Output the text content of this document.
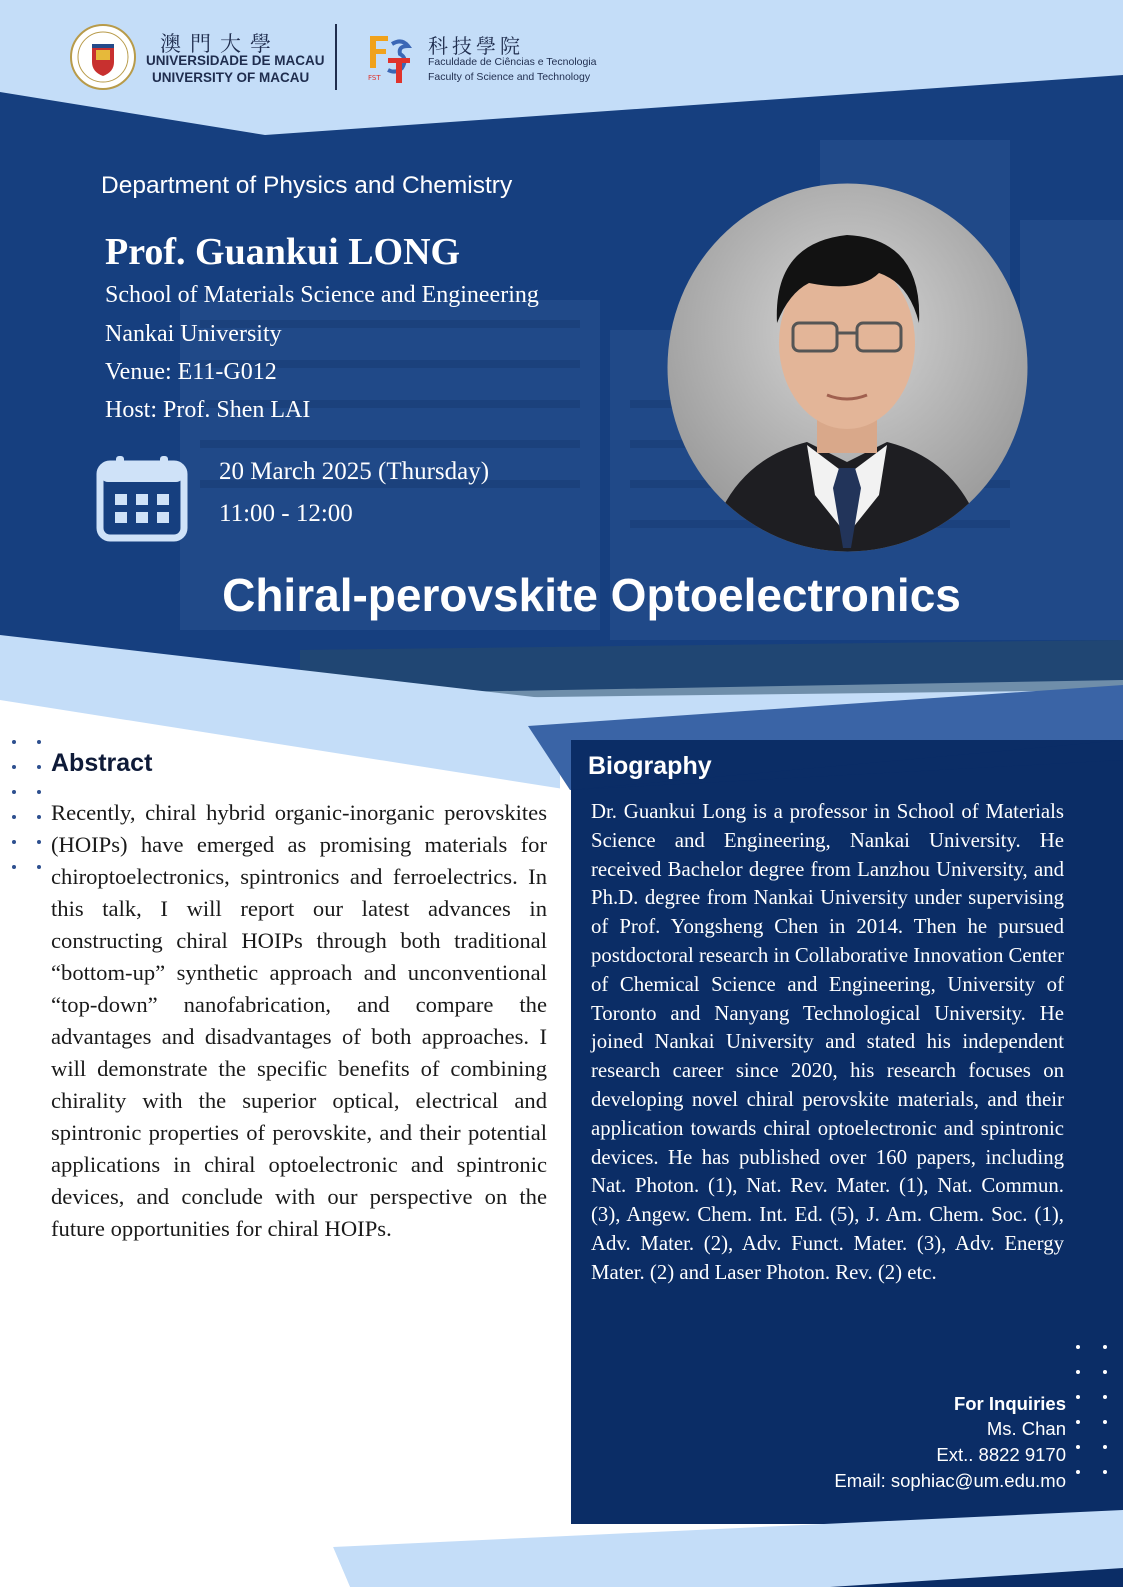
澳門大學
UNIVERSIDADE DE MACAU
UNIVERSITY OF MACAU	FST
科技學院
Faculdade de Ciências e Tecnologia
Faculty of Science and Technology
Department of Physics and Chemistry
Prof. Guankui LONG
School of Materials Science and Engineering
Nankai University
Venue: E11-G012
Host: Prof. Shen LAI
20 March 2025 (Thursday)
11:00 - 12:00
Chiral-perovskite Optoelectronics
Abstract

Recently, chiral hybrid organic-inorganic perovskites (HOIPs) have emerged as promising materials for chiroptoelectronics, spintronics and ferroelectrics. In this talk, I will report our latest advances in constructing chiral HOIPs through both traditional “bottom-up” synthetic approach and unconventional “top-down” nanofabrication, and compare the advantages and disadvantages of both approaches. I will demonstrate the specific benefits of combining chirality with the superior optical, electrical and spintronic properties of perovskite, and their potential applications in chiral optoelectronic and spintronic devices, and conclude with our perspective on the future opportunities for chiral HOIPs.

Biography

Dr. Guankui Long is a professor in School of Materials Science and Engineering, Nankai University. He received Bachelor degree from Lanzhou University, and Ph.D. degree from Nankai University under supervising of Prof. Yongsheng Chen in 2014. Then he pursued postdoctoral research in Collaborative Innovation Center of Chemical Science and Engineering, University of Toronto and Nanyang Technological University. He joined Nankai University and stated his independent research career since 2020, his research focuses on developing novel chiral perovskite materials, and their application towards chiral optoelectronic and spintronic devices. He has published over 160 papers, including Nat. Photon. (1), Nat. Rev. Mater. (1), Nat. Commun. (3), Angew. Chem. Int. Ed. (5), J. Am. Chem. Soc. (1), Adv. Mater. (2), Adv. Funct. Mater. (3), Adv. Energy Mater. (2) and Laser Photon. Rev. (2) etc.

For Inquiries
Ms. Chan
Ext.. 8822 9170
Email: sophiac@um.edu.mo
